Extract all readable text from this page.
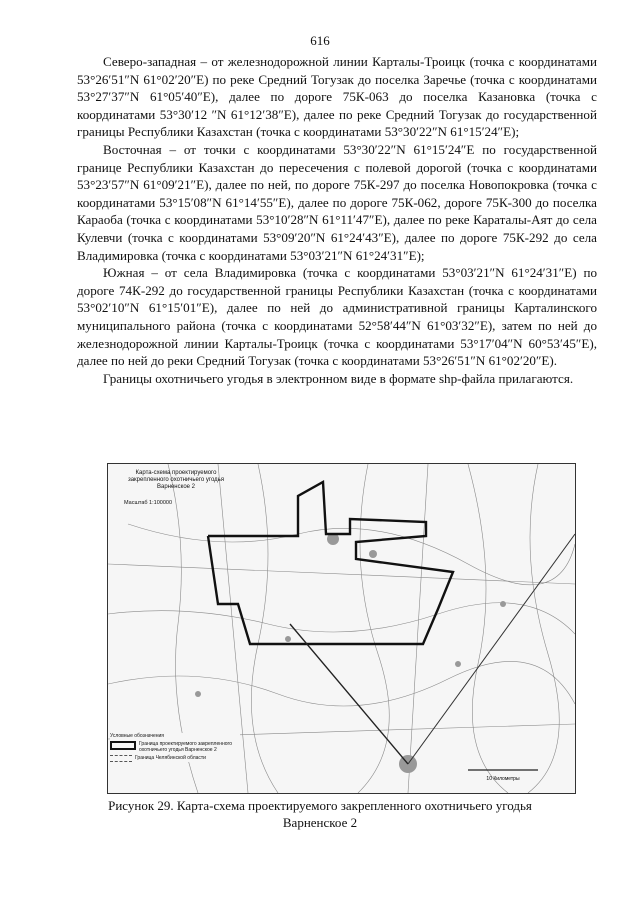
616

Северо-западная – от железнодорожной линии Карталы-Троицк (точка с координатами 53°26′51″N 61°02′20″E) по реке Средний Тогузак до поселка Заречье (точка с координатами 53°27′37″N 61°05′40″E), далее по дороге 75К-063 до поселка Казановка (точка с координатами 53°30′12 ″N 61°12′38″E), далее по реке Средний Тогузак до государственной границы Республики Казахстан (точка с координатами 53°30′22″N 61°15′24″E);

Восточная – от точки с координатами 53°30′22″N 61°15′24″E по государственной границе Республики Казахстан до пересечения с полевой дорогой (точка с координатами 53°23′57″N 61°09′21″E), далее по ней, по дороге 75К-297 до поселка Новопокровка (точка с координатами 53°15′08″N 61°14′55″E), далее по дороге 75К-062, дороге 75К-300 до поселка Караоба (точка с координатами 53°10′28″N 61°11′47″E), далее по реке Караталы-Аят до села Кулевчи (точка с координатами 53°09′20″N 61°24′43″E), далее по дороге 75К-292 до села Владимировка (точка с координатами 53°03′21″N 61°24′31″E);

Южная – от села Владимировка (точка с координатами 53°03′21″N 61°24′31″E) по дороге 74К-292 до государственной границы Республики Казахстан (точка с координатами 53°02′10″N 61°15′01″E), далее по ней до административной границы Карталинского муниципального района (точка с координатами 52°58′44″N 61°03′32″E), затем по ней до железнодорожной линии Карталы-Троицк (точка с координатами 53°17′04″N 60°53′45″E), далее по ней до реки Средний Тогузак (точка с координатами 53°26′51″N 61°02′20″E).

Границы охотничьего угодья в электронном виде в формате shp-файла прилагаются.

10 Километры
Карта-схема проектируемого
закрепленного охотничьего угодья
Варненское 2
Масштаб 1:100000
Условные обозначения
Граница проектируемого закрепленного охотничьего угодья Варненское 2
Граница Челябинской области
Рисунок 29. Карта-схема проектируемого закрепленного охотничьего угодья
Варненское 2
